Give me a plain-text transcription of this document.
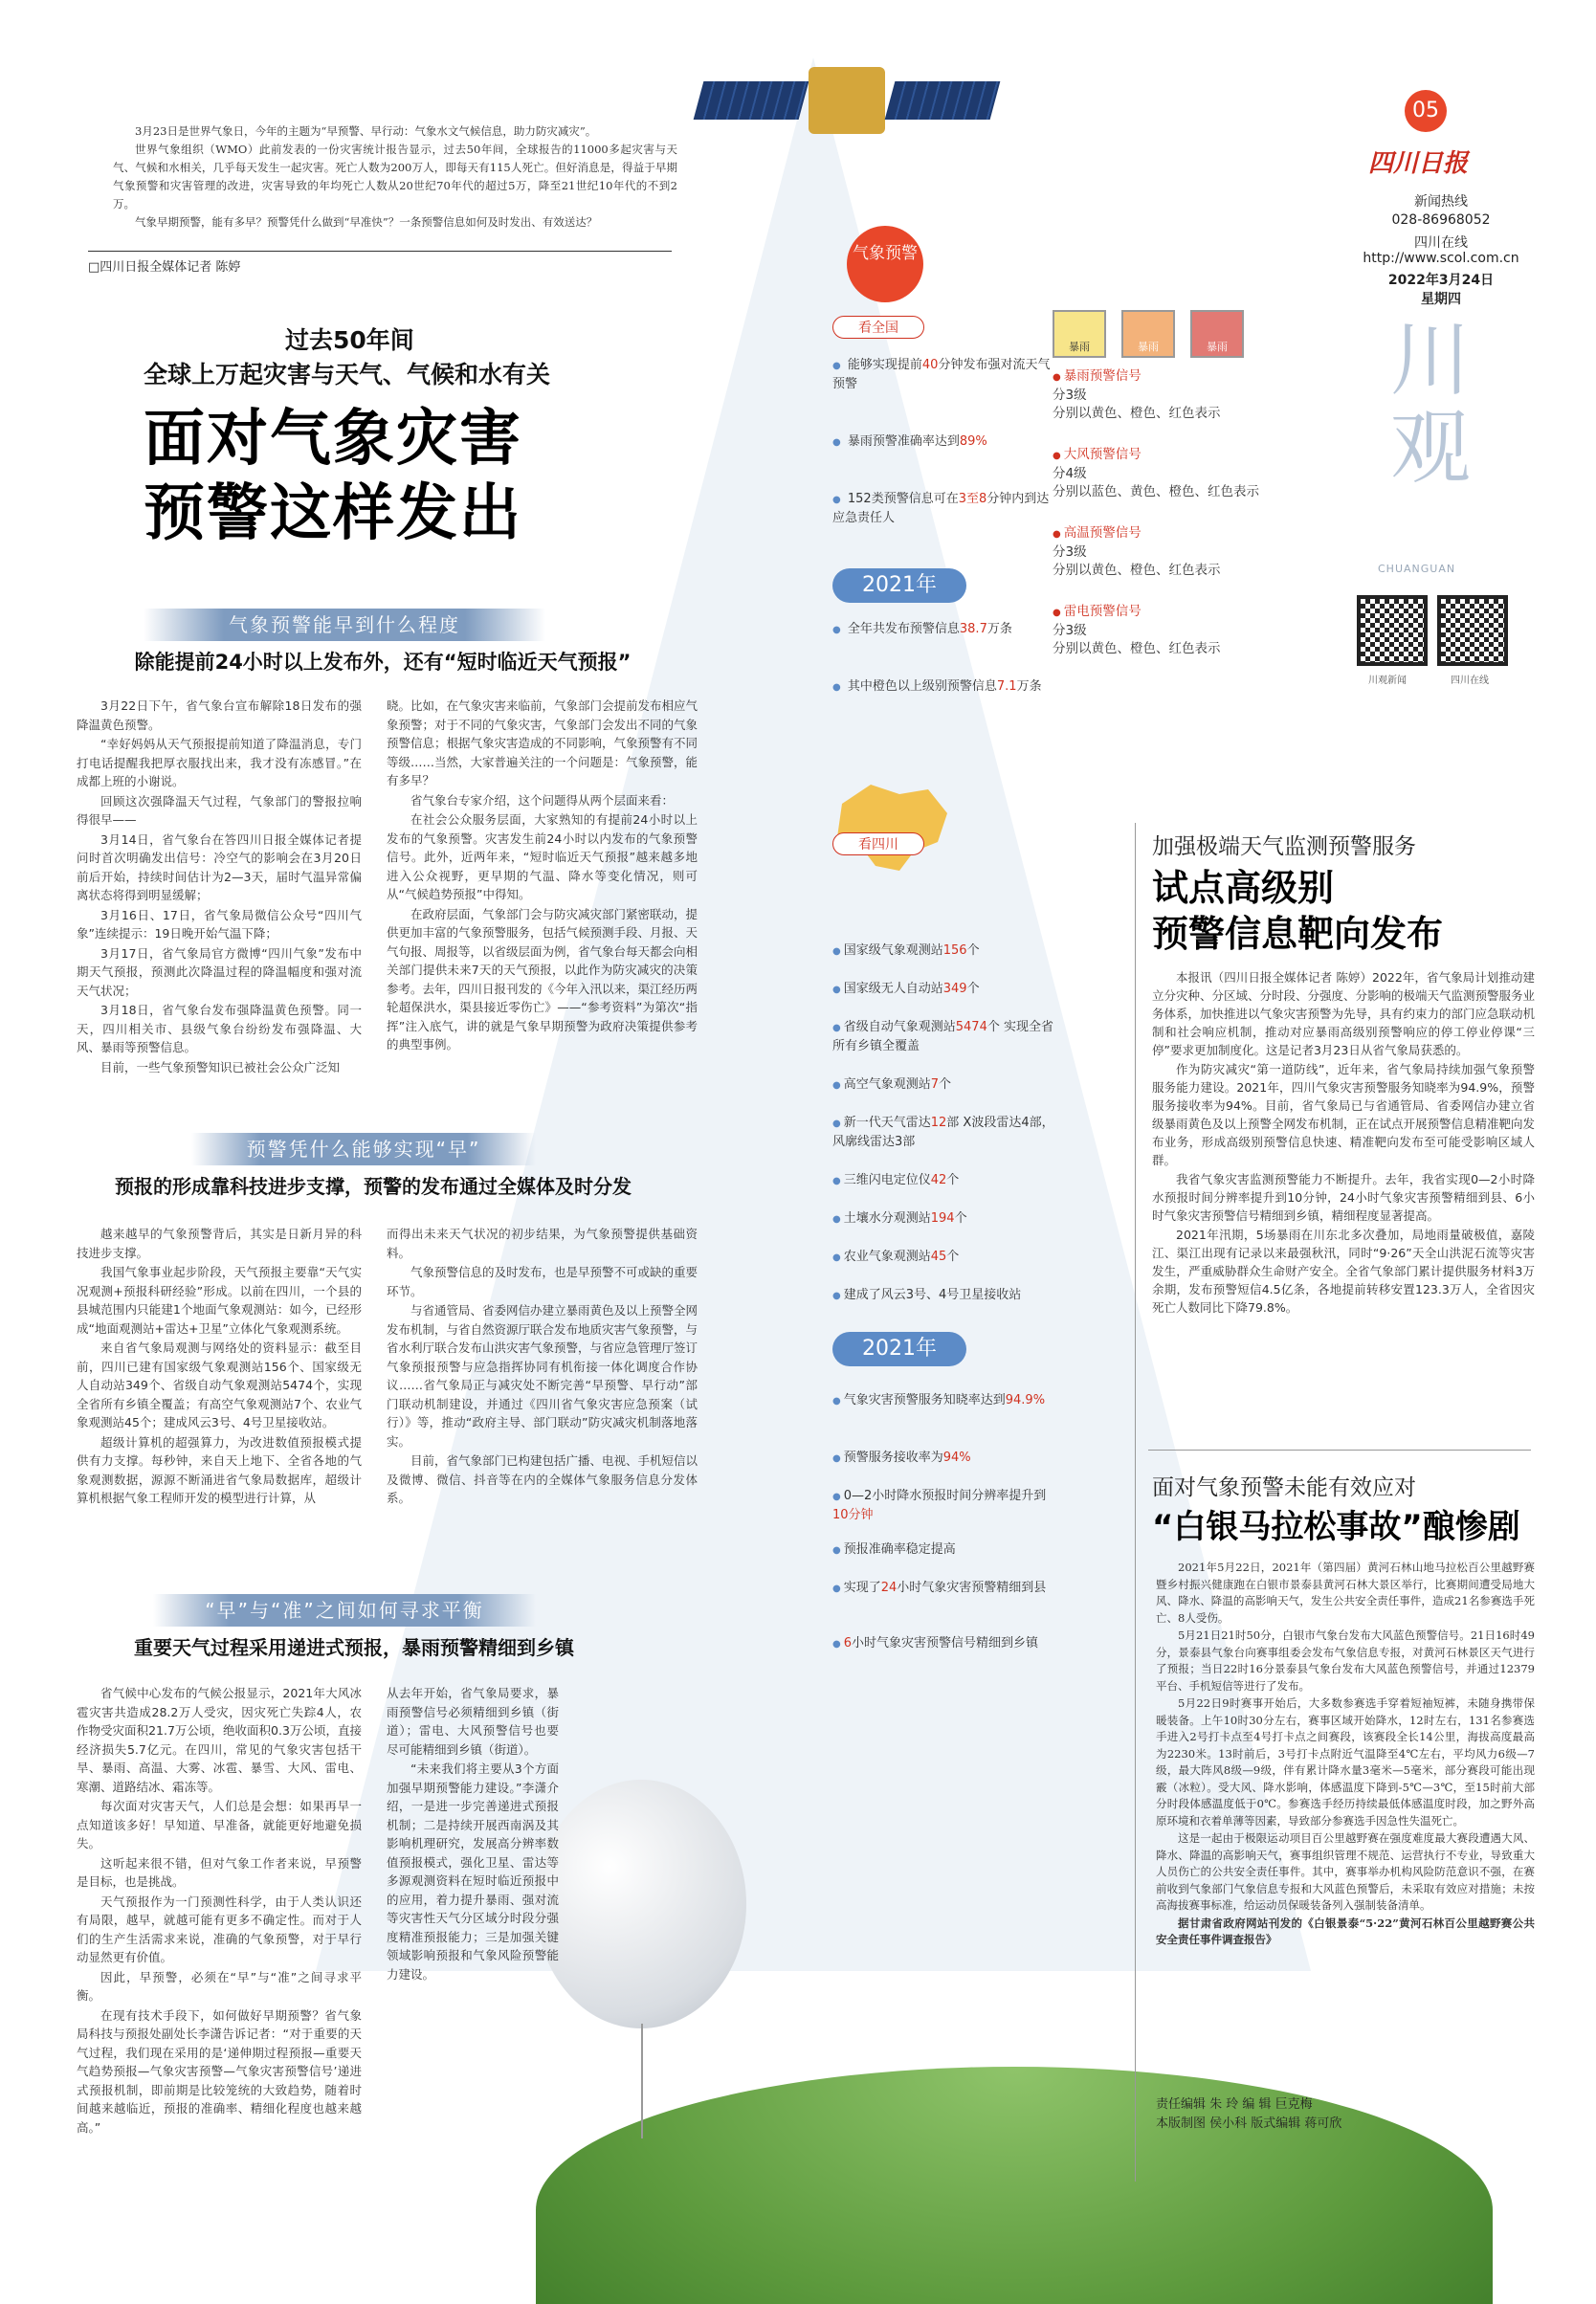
3月23日是世界气象日，今年的主题为“早预警、早行动：气象水文气候信息，助力防灾减灾”。

世界气象组织（WMO）此前发表的一份灾害统计报告显示，过去50年间，全球报告的11000多起灾害与天气、气候和水相关，几乎每天发生一起灾害。死亡人数为200万人，即每天有115人死亡。但好消息是，得益于早期气象预警和灾害管理的改进，灾害导致的年均死亡人数从20世纪70年代的超过5万，降至21世纪10年代的不到2万。

气象早期预警，能有多早？预警凭什么做到“早准快”？一条预警信息如何及时发出、有效送达？

□四川日报全媒体记者 陈婷
过去50年间
全球上万起灾害与天气、气候和水有关
面对气象灾害
预警这样发出
气象预警能早到什么程度
除能提前24小时以上发布外，还有“短时临近天气预报”

3月22日下午，省气象台宣布解除18日发布的强降温黄色预警。

“幸好妈妈从天气预报提前知道了降温消息，专门打电话提醒我把厚衣服找出来，我才没有冻感冒。”在成都上班的小谢说。

回顾这次强降温天气过程，气象部门的警报拉响得很早——

3月14日，省气象台在答四川日报全媒体记者提问时首次明确发出信号：冷空气的影响会在3月20日前后开始，持续时间估计为2—3天，届时气温异常偏离状态将得到明显缓解；

3月16日、17日，省气象局微信公众号“四川气象”连续提示：19日晚开始气温下降；

3月17日，省气象局官方微博“四川气象”发布中期天气预报，预测此次降温过程的降温幅度和强对流天气状况；

3月18日，省气象台发布强降温黄色预警。同一天，四川相关市、县级气象台纷纷发布强降温、大风、暴雨等预警信息。

目前，一些气象预警知识已被社会公众广泛知

晓。比如，在气象灾害来临前，气象部门会提前发布相应气象预警；对于不同的气象灾害，气象部门会发出不同的气象预警信息；根据气象灾害造成的不同影响，气象预警有不同等级……当然，大家普遍关注的一个问题是：气象预警，能有多早？

省气象台专家介绍，这个问题得从两个层面来看：

在社会公众服务层面，大家熟知的有提前24小时以上发布的气象预警。灾害发生前24小时以内发布的气象预警信号。此外，近两年来，“短时临近天气预报”越来越多地进入公众视野，更早期的气温、降水等变化情况，则可从“气候趋势预报”中得知。

在政府层面，气象部门会与防灾减灾部门紧密联动，提供更加丰富的气象预警服务，包括气候预测手段、月报、天气句报、周报等，以省级层面为例，省气象台每天都会向相关部门提供未来7天的天气预报，以此作为防灾减灾的决策参考。去年，四川日报刊发的《今年入汛以来，渠江经历两轮超保洪水，渠县接近零伤亡》——“参考资料”为第次“指挥”注入底气，讲的就是气象早期预警为政府决策提供参考的典型事例。

预警凭什么能够实现“早”
预报的形成靠科技进步支撑，预警的发布通过全媒体及时分发

越来越早的气象预警背后，其实是日新月异的科技进步支撑。

我国气象事业起步阶段，天气预报主要靠“天气实况观测+预报科研经验”形成。以前在四川，一个县的县城范围内只能建1个地面气象观测站：如今，已经形成“地面观测站+雷达+卫星”立体化气象观测系统。

来自省气象局观测与网络处的资料显示：截至目前，四川已建有国家级气象观测站156个、国家级无人自动站349个、省级自动气象观测站5474个，实现全省所有乡镇全覆盖；有高空气象观测站7个、农业气象观测站45个；建成风云3号、4号卫星接收站。

超级计算机的超强算力，为改进数值预报模式提供有力支撑。每秒钟，来自天上地下、全省各地的气象观测数据，源源不断涌进省气象局数据库，超级计算机根据气象工程师开发的模型进行计算，从

而得出未来天气状况的初步结果，为气象预警提供基础资料。

气象预警信息的及时发布，也是早预警不可或缺的重要环节。

与省通管局、省委网信办建立暴雨黄色及以上预警全网发布机制，与省自然资源厅联合发布地质灾害气象预警，与省水利厅联合发布山洪灾害气象预警，与省应急管理厅签订气象预报预警与应急指挥协同有机衔接一体化调度合作协议……省气象局正与减灾处不断完善“早预警、早行动”部门联动机制建设，并通过《四川省气象灾害应急预案（试行）》等，推动“政府主导、部门联动”防灾减灾机制落地落实。

目前，省气象部门已构建包括广播、电视、手机短信以及微博、微信、抖音等在内的全媒体气象服务信息分发体系。

“早”与“准”之间如何寻求平衡
重要天气过程采用递进式预报，暴雨预警精细到乡镇

省气候中心发布的气候公报显示，2021年大风冰雹灾害共造成28.2万人受灾，因灾死亡失踪4人，农作物受灾面积21.7万公顷，绝收面积0.3万公顷，直接经济损失5.7亿元。在四川，常见的气象灾害包括干旱、暴雨、高温、大雾、冰雹、暴雪、大风、雷电、寒潮、道路结冰、霜冻等。

每次面对灾害天气，人们总是会想：如果再早一点知道该多好！早知道、早准备，就能更好地避免损失。

这听起来很不错，但对气象工作者来说，早预警是目标，也是挑战。

天气预报作为一门预测性科学，由于人类认识还有局限，越早，就越可能有更多不确定性。而对于人们的生产生活需求来说，准确的气象预警，对于早行动显然更有价值。

因此，早预警，必须在“早”与“准”之间寻求平衡。

在现有技术手段下，如何做好早期预警？省气象局科技与预报处副处长李潇告诉记者：“对于重要的天气过程，我们现在采用的是‘递伸期过程预报—重要天气趋势预报—气象灾害预警—气象灾害预警信号’递进式预报机制，即前期是比较笼统的大致趋势，随着时间越来越临近，预报的准确率、精细化程度也越来越高。”

从去年开始，省气象局要求，暴雨预警信号必须精细到乡镇（街道）；雷电、大风预警信号也要尽可能精细到乡镇（街道）。

“未来我们将主要从3个方面加强早期预警能力建设。”李潇介绍，一是进一步完善递进式预报机制；二是持续开展西南涡及其影响机理研究，发展高分辨率数值预报模式，强化卫星、雷达等多源观测资料在短时临近预报中的应用，着力提升暴雨、强对流等灾害性天气分区域分时段分强度精准预报能力；三是加强关键领域影响预报和气象风险预警能力建设。

气象预警
看全国
● 能够实现提前40分钟发布强对流天气预警
● 暴雨预警准确率达到89%
● 152类预警信息可在3至8分钟内到达应急责任人
2021年
● 全年共发布预警信息38.7万条
● 其中橙色以上级别预警信息7.1万条
看四川
● 国家级气象观测站156个
● 国家级无人自动站349个
● 省级自动气象观测站5474个 实现全省所有乡镇全覆盖
● 高空气象观测站7个
● 新一代天气雷达12部 X波段雷达4部，风廓线雷达3部
● 三维闪电定位仪42个
● 土壤水分观测站194个
● 农业气象观测站45个
● 建成了风云3号、4号卫星接收站
2021年
● 气象灾害预警服务知晓率达到94.9%
● 预警服务接收率为94%
● 0—2小时降水预报时间分辨率提升到10分钟
● 预报准确率稳定提高
● 实现了24小时气象灾害预警精细到县
● 6小时气象灾害预警信号精细到乡镇
暴雨	暴雨	暴雨
● 暴雨预警信号
分3级
分别以黄色、橙色、红色表示
● 大风预警信号
分4级
分别以蓝色、黄色、橙色、红色表示
● 高温预警信号
分3级
分别以黄色、橙色、红色表示
● 雷电预警信号
分3级
分别以黄色、橙色、红色表示
05
四川日报
新闻热线
028-86968052
四川在线
http://www.scol.com.cn
2022年3月24日
星期四
川观
CHUANGUAN
川观新闻	四川在线
加强极端天气监测预警服务
试点高级别
预警信息靶向发布

本报讯（四川日报全媒体记者 陈婷）2022年，省气象局计划推动建立分灾种、分区域、分时段、分强度、分影响的极端天气监测预警服务业务体系，加快推进以气象灾害预警为先导，具有约束力的部门应急联动机制和社会响应机制，推动对应暴雨高级别预警响应的停工停业停课“三停”要求更加制度化。这是记者3月23日从省气象局获悉的。

作为防灾减灾“第一道防线”，近年来，省气象局持续加强气象预警服务能力建设。2021年，四川气象灾害预警服务知晓率为94.9%，预警服务接收率为94%。目前，省气象局已与省通管局、省委网信办建立省级暴雨黄色及以上预警全网发布机制，正在试点开展预警信息精准靶向发布业务，形成高级别预警信息快速、精准靶向发布至可能受影响区域人群。

我省气象灾害监测预警能力不断提升。去年，我省实现0—2小时降水预报时间分辨率提升到10分钟，24小时气象灾害预警精细到县、6小时气象灾害预警信号精细到乡镇，精细程度显著提高。

2021年汛期，5场暴雨在川东北多次叠加，局地雨量破极值，嘉陵江、渠江出现有记录以来最强秋汛，同时“9·26”天全山洪泥石流等灾害发生，严重威胁群众生命财产安全。全省气象部门累计提供服务材料3万余期，发布预警短信4.5亿条，各地提前转移安置123.3万人，全省因灾死亡人数同比下降79.8%。

面对气象预警未能有效应对
“白银马拉松事故”酿惨剧

2021年5月22日，2021年（第四届）黄河石林山地马拉松百公里越野赛暨乡村振兴健康跑在白银市景泰县黄河石林大景区举行，比赛期间遭受局地大风、降水、降温的高影响天气，发生公共安全责任事件，造成21名参赛选手死亡、8人受伤。

5月21日21时50分，白银市气象台发布大风蓝色预警信号。21日16时49分，景泰县气象台向赛事组委会发布气象信息专报，对黄河石林景区天气进行了预报；当日22时16分景泰县气象台发布大风蓝色预警信号，并通过12379平台、手机短信等进行了发布。

5月22日9时赛事开始后，大多数参赛选手穿着短袖短裤，未随身携带保暖装备。上午10时30分左右，赛事区域开始降水，12时左右，131名参赛选手进入2号打卡点至4号打卡点之间赛段，该赛段全长14公里，海拔高度最高为2230米。13时前后，3号打卡点附近气温降至4℃左右，平均风力6级—7级，最大阵风8级—9级，伴有累计降水量3毫米—5毫米，部分赛段可能出现霰（冰粒）。受大风、降水影响，体感温度下降到-5℃—3℃，至15时前大部分时段体感温度低于0℃。参赛选手经历持续最低体感温度时段，加之野外高原环境和衣着单薄等因素，导致部分参赛选手因急性失温死亡。

这是一起由于极限运动项目百公里越野赛在强度难度最大赛段遭遇大风、降水、降温的高影响天气，赛事组织管理不规范、运营执行不专业，导致重大人员伤亡的公共安全责任事件。其中，赛事举办机构风险防范意识不强，在赛前收到气象部门气象信息专报和大风蓝色预警后，未采取有效应对措施；未按高海拔赛事标准，给运动员保暖装备列入强制装备清单。

据甘肃省政府网站刊发的《白银景泰“5·22”黄河石林百公里越野赛公共安全责任事件调查报告》

责任编辑 朱 玲 编 辑 巨克梅
本版制图 侯小科 版式编辑 蒋可欣
